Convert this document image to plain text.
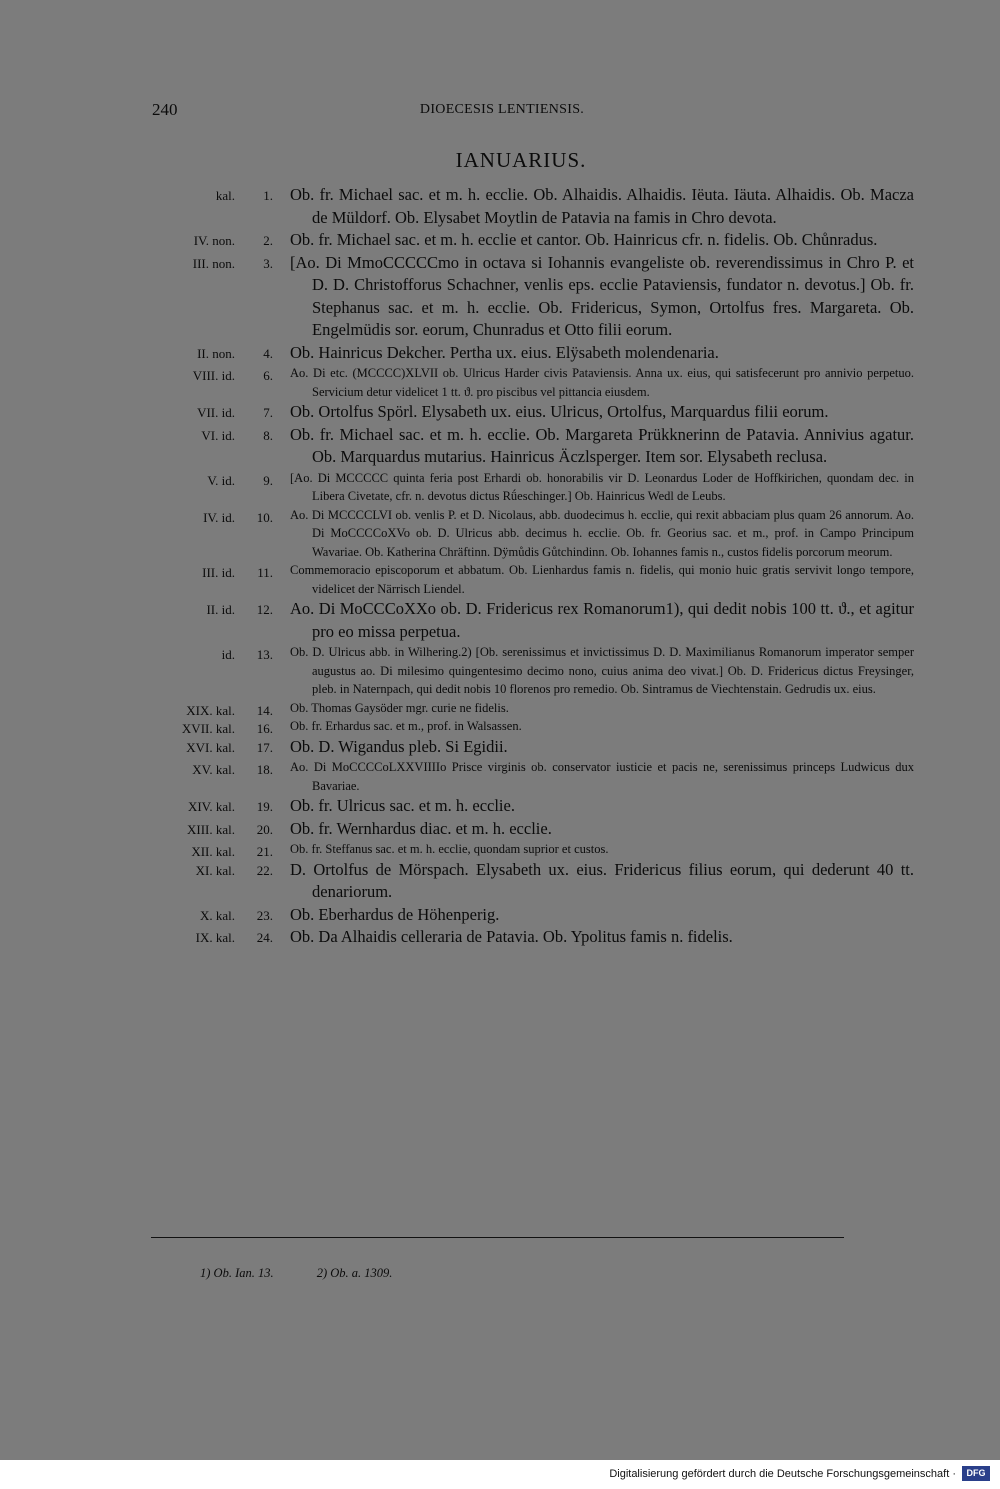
240	DIOECESIS LENTIENSIS.
IANUARIUS.
kal.	1. Ob. fr. Michael sac. et m. h. ecclie. Ob. Alhaidis. Alhaidis. Iëuta. Iäuta. Alhaidis. Ob. Macza de Müldorf. Ob. Elysabet Moytlin de Patavia na famis in Chro devota.
IV. non.	2. Ob. fr. Michael sac. et m. h. ecclie et cantor. Ob. Hainricus cfr. n. fidelis. Ob. Chůnradus.
III. non.	3. [Ao. Di MmoCCCCCmo in octava si Iohannis evangeliste ob. reverendissimus in Chro P. et D. D. Christofforus Schachner, venlis eps. ecclie Pataviensis, fundator n. devotus.] Ob. fr. Stephanus sac. et m. h. ecclie. Ob. Fridericus, Symon, Ortolfus fres. Margareta. Ob. Engelmüdis sor. eorum, Chunradus et Otto filii eorum.
II. non.	4. Ob. Hainricus Dekcher. Pertha ux. eius. Elÿsabeth molendenaria.
VIII. id.	6. Ao. Di etc. (MCCCC)XLVII ob. Ulricus Harder civis Pataviensis. Anna ux. eius, qui satisfecerunt pro annivio perpetuo. Servicium detur videlicet 1 tt. ϑ. pro piscibus vel pittancia eiusdem.
VII. id.	7. Ob. Ortolfus Spörl. Elysabeth ux. eius. Ulricus, Ortolfus, Marquardus filii eorum.
VI. id.	8. Ob. fr. Michael sac. et m. h. ecclie. Ob. Margareta Prükknerinn de Patavia. Annivius agatur. Ob. Marquardus mutarius. Hainricus Äczlsperger. Item sor. Elysabeth reclusa.
V. id.	9. [Ao. Di MCCCCC quinta feria post Erhardi ob. honorabilis vir D. Leonardus Loder de Hoffkirichen, quondam dec. in Libera Civetate, cfr. n. devotus dictus Rǘeschinger.] Ob. Hainricus Wedl de Leubs.
IV. id.	10. Ao. Di MCCCCLVI ob. venlis P. et D. Nicolaus, abb. duodecimus h. ecclie, qui rexit abbaciam plus quam 26 annorum. Ao. Di MoCCCCoXVo ob. D. Ulricus abb. decimus h. ecclie. Ob. fr. Georius sac. et m., prof. in Campo Principum Wavariae. Ob. Katherina Chräftinn. Dÿmůdis Gůtchindinn. Ob. Iohannes famis n., custos fidelis porcorum meorum.
III. id.	11. Commemoracio episcoporum et abbatum. Ob. Lienhardus famis n. fidelis, qui monio huic gratis servivit longo tempore, videlicet der Närrisch Liendel.
II. id.	12. Ao. Di MoCCCoXXo ob. D. Fridericus rex Romanorum1), qui dedit nobis 100 tt. ϑ., et agitur pro eo missa perpetua.
id.	13. Ob. D. Ulricus abb. in Wilhering.2) [Ob. serenissimus et invictissimus D. D. Maximilianus Romanorum imperator semper augustus ao. Di milesimo quingentesimo decimo nono, cuius anima deo vivat.] Ob. D. Fridericus dictus Freysinger, pleb. in Naternpach, qui dedit nobis 10 florenos pro remedio. Ob. Sintramus de Viechtenstain. Gedrudis ux. eius.
XIX. kal.	14. Ob. Thomas Gaysöder mgr. curie ne fidelis.
XVII. kal.	16. Ob. fr. Erhardus sac. et m., prof. in Walsassen.
XVI. kal.	17. Ob. D. Wigandus pleb. Si Egidii.
XV. kal.	18. Ao. Di MoCCCCoLXXVIIIIo Prisce virginis ob. conservator iusticie et pacis ne, serenissimus princeps Ludwicus dux Bavariae.
XIV. kal.	19. Ob. fr. Ulricus sac. et m. h. ecclie.
XIII. kal.	20. Ob. fr. Wernhardus diac. et m. h. ecclie.
XII. kal.	21. Ob. fr. Steffanus sac. et m. h. ecclie, quondam suprior et custos.
XI. kal.	22. D. Ortolfus de Mörspach. Elysabeth ux. eius. Fridericus filius eorum, qui dederunt 40 tt. denariorum.
X. kal.	23. Ob. Eberhardus de Höhenperig.
IX. kal.	24. Ob. Da Alhaidis celleraria de Patavia. Ob. Ypolitus famis n. fidelis.
1) Ob. Ian. 13.	2) Ob. a. 1309.
Digitalisierung gefördert durch die Deutsche Forschungsgemeinschaft ·	DFG
